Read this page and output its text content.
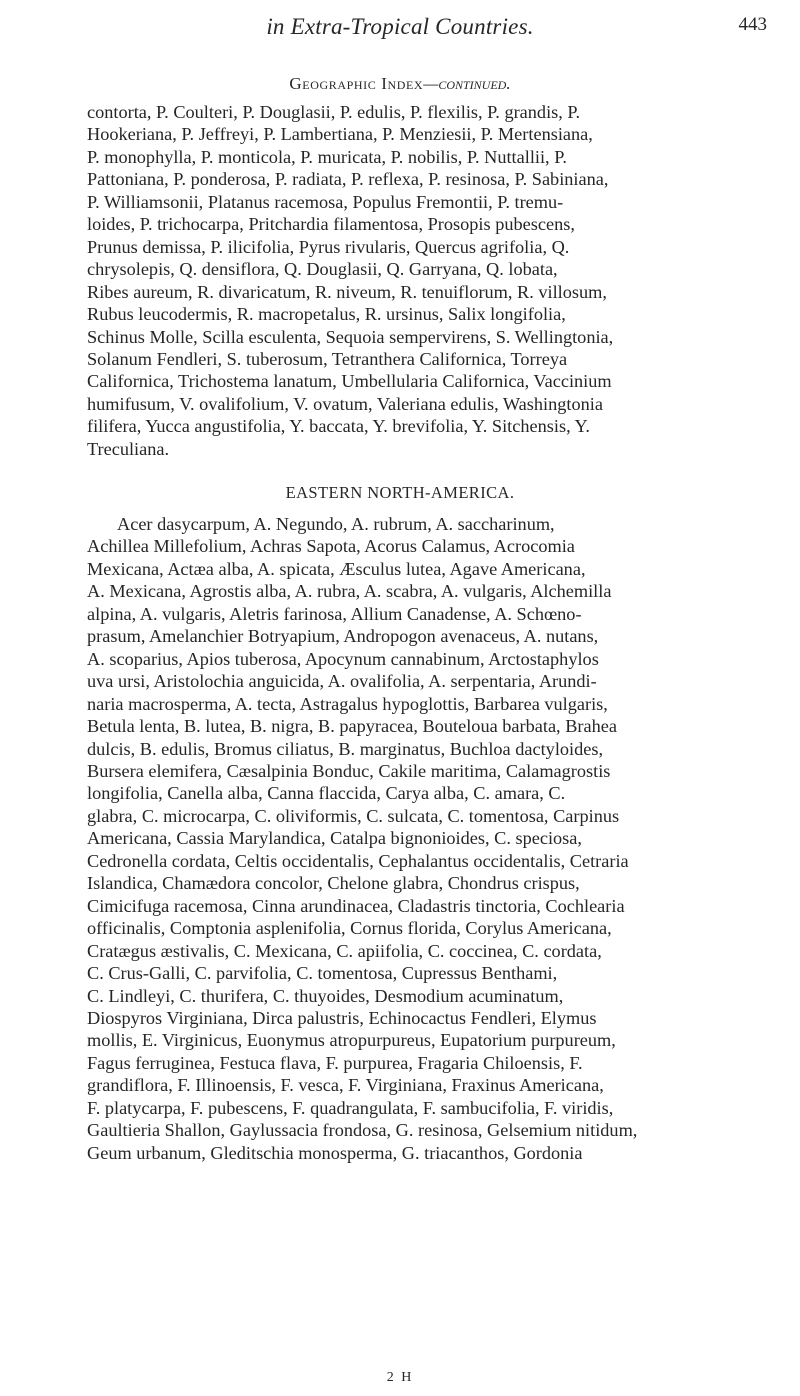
in Extra-Tropical Countries.	443
Geographic Index—continued.
contorta, P. Coulteri, P. Douglasii, P. edulis, P. flexilis, P. grandis, P.
Hookeriana, P. Jeffreyi, P. Lambertiana, P. Menziesii, P. Mertensiana,
P. monophylla, P. monticola, P. muricata, P. nobilis, P. Nuttallii, P.
Pattoniana, P. ponderosa, P. radiata, P. reflexa, P. resinosa, P. Sabiniana,
P. Williamsonii, Platanus racemosa, Populus Fremontii, P. tremu-
loides, P. trichocarpa, Pritchardia filamentosa, Prosopis pubescens,
Prunus demissa, P. ilicifolia, Pyrus rivularis, Quercus agrifolia, Q.
chrysolepis, Q. densiflora, Q. Douglasii, Q. Garryana, Q. lobata,
Ribes aureum, R. divaricatum, R. niveum, R. tenuiflorum, R. villosum,
Rubus leucodermis, R. macropetalus, R. ursinus, Salix longifolia,
Schinus Molle, Scilla esculenta, Sequoia sempervirens, S. Wellingtonia,
Solanum Fendleri, S. tuberosum, Tetranthera Californica, Torreya
Californica, Trichostema lanatum, Umbellularia Californica, Vaccinium
humifusum, V. ovalifolium, V. ovatum, Valeriana edulis, Washingtonia
filifera, Yucca angustifolia, Y. baccata, Y. brevifolia, Y. Sitchensis, Y.
Treculiana.
EASTERN NORTH-AMERICA.
Acer dasycarpum, A. Negundo, A. rubrum, A. saccharinum,
Achillea Millefolium, Achras Sapota, Acorus Calamus, Acrocomia
Mexicana, Actæa alba, A. spicata, Æsculus lutea, Agave Americana,
A. Mexicana, Agrostis alba, A. rubra, A. scabra, A. vulgaris, Alchemilla
alpina, A. vulgaris, Aletris farinosa, Allium Canadense, A. Schœno-
prasum, Amelanchier Botryapium, Andropogon avenaceus, A. nutans,
A. scoparius, Apios tuberosa, Apocynum cannabinum, Arctostaphylos
uva ursi, Aristolochia anguicida, A. ovalifolia, A. serpentaria, Arundi-
naria macrosperma, A. tecta, Astragalus hypoglottis, Barbarea vulgaris,
Betula lenta, B. lutea, B. nigra, B. papyracea, Bouteloua barbata, Brahea
dulcis, B. edulis, Bromus ciliatus, B. marginatus, Buchloa dactyloides,
Bursera elemifera, Cæsalpinia Bonduc, Cakile maritima, Calamagrostis
longifolia, Canella alba, Canna flaccida, Carya alba, C. amara, C.
glabra, C. microcarpa, C. oliviformis, C. sulcata, C. tomentosa, Carpinus
Americana, Cassia Marylandica, Catalpa bignonioides, C. speciosa,
Cedronella cordata, Celtis occidentalis, Cephalantus occidentalis, Cetraria
Islandica, Chamædora concolor, Chelone glabra, Chondrus crispus,
Cimicifuga racemosa, Cinna arundinacea, Cladastris tinctoria, Cochlearia
officinalis, Comptonia asplenifolia, Cornus florida, Corylus Americana,
Cratægus æstivalis, C. Mexicana, C. apiifolia, C. coccinea, C. cordata,
C. Crus-Galli, C. parvifolia, C. tomentosa, Cupressus Benthami,
C. Lindleyi, C. thurifera, C. thuyoides, Desmodium acuminatum,
Diospyros Virginiana, Dirca palustris, Echinocactus Fendleri, Elymus
mollis, E. Virginicus, Euonymus atropurpureus, Eupatorium purpureum,
Fagus ferruginea, Festuca flava, F. purpurea, Fragaria Chiloensis, F.
grandiflora, F. Illinoensis, F. vesca, F. Virginiana, Fraxinus Americana,
F. platycarpa, F. pubescens, F. quadrangulata, F. sambucifolia, F. viridis,
Gaultieria Shallon, Gaylussacia frondosa, G. resinosa, Gelsemium nitidum,
Geum urbanum, Gleditschia monosperma, G. triacanthos, Gordonia
2 H
